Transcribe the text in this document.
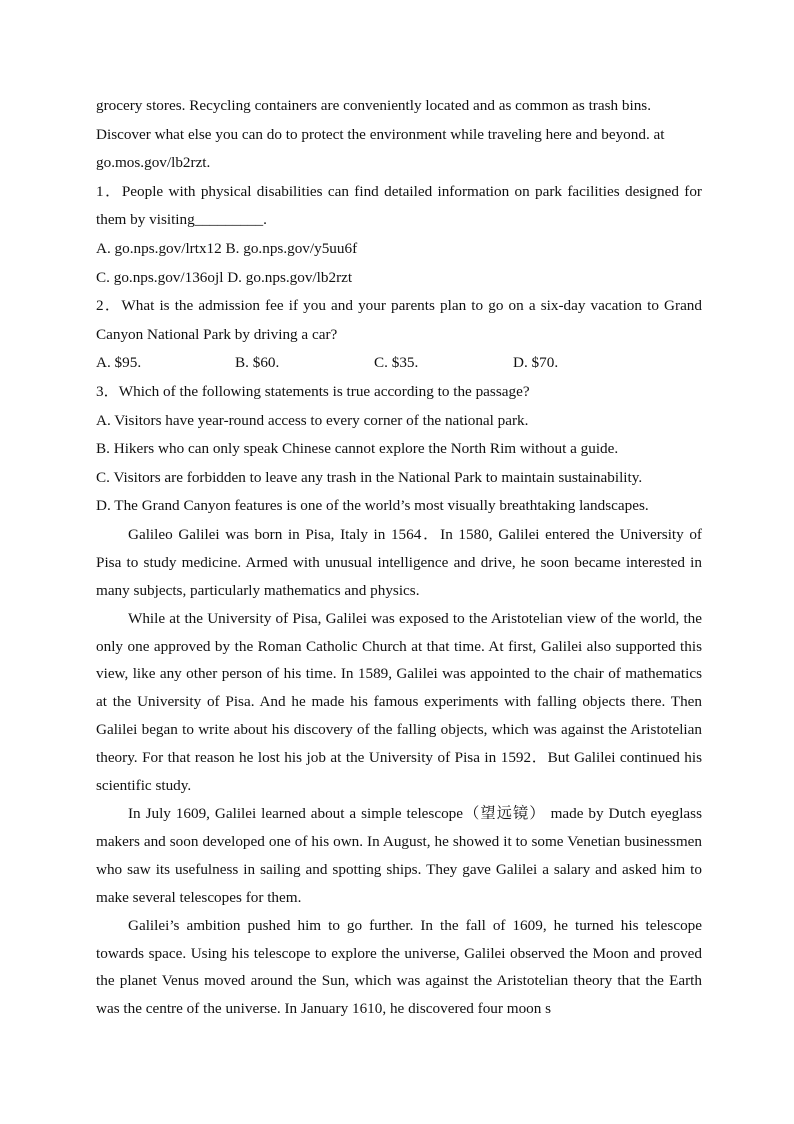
grocery stores. Recycling containers are conveniently located and as common as trash bins.

Discover what else you can do to protect the environment while traveling here and beyond. at

go.mos.gov/lb2rzt.

1．People with physical disabilities can find detailed information on park facilities designed for them by visiting_________.

A. go.nps.gov/lrtx12 B. go.nps.gov/y5uu6f

C. go.nps.gov/136ojl D. go.nps.gov/lb2rzt

2．What is the admission fee if you and your parents plan to go on a six-day vacation to Grand Canyon National Park by driving a car?

A. $95.	B. $60.	C. $35.	D. $70.

3．Which of the following statements is true according to the passage?

A. Visitors have year-round access to every corner of the national park.

B. Hikers who can only speak Chinese cannot explore the North Rim without a guide.

C. Visitors are forbidden to leave any trash in the National Park to maintain sustainability.

D. The Grand Canyon features is one of the world’s most visually breathtaking landscapes.

Galileo Galilei was born in Pisa, Italy in 1564．In 1580, Galilei entered the University of Pisa to study medicine. Armed with unusual intelligence and drive, he soon became interested in many subjects, particularly mathematics and physics.

While at the University of Pisa, Galilei was exposed to the Aristotelian view of the world, the only one approved by the Roman Catholic Church at that time. At first, Galilei also supported this view, like any other person of his time. In 1589, Galilei was appointed to the chair of mathematics at the University of Pisa. And he made his famous experiments with falling objects there. Then Galilei began to write about his discovery of the falling objects, which was against the Aristotelian theory. For that reason he lost his job at the University of Pisa in 1592．But Galilei continued his scientific study.

In July 1609, Galilei learned about a simple telescope（望远镜） made by Dutch eyeglass makers and soon developed one of his own. In August, he showed it to some Venetian businessmen who saw its usefulness in sailing and spotting ships. They gave Galilei a salary and asked him to make several telescopes for them.

Galilei’s ambition pushed him to go further. In the fall of 1609, he turned his telescope towards space. Using his telescope to explore the universe, Galilei observed the Moon and proved the planet Venus moved around the Sun, which was against the Aristotelian theory that the Earth was the centre of the universe. In January 1610, he discovered four moon s
